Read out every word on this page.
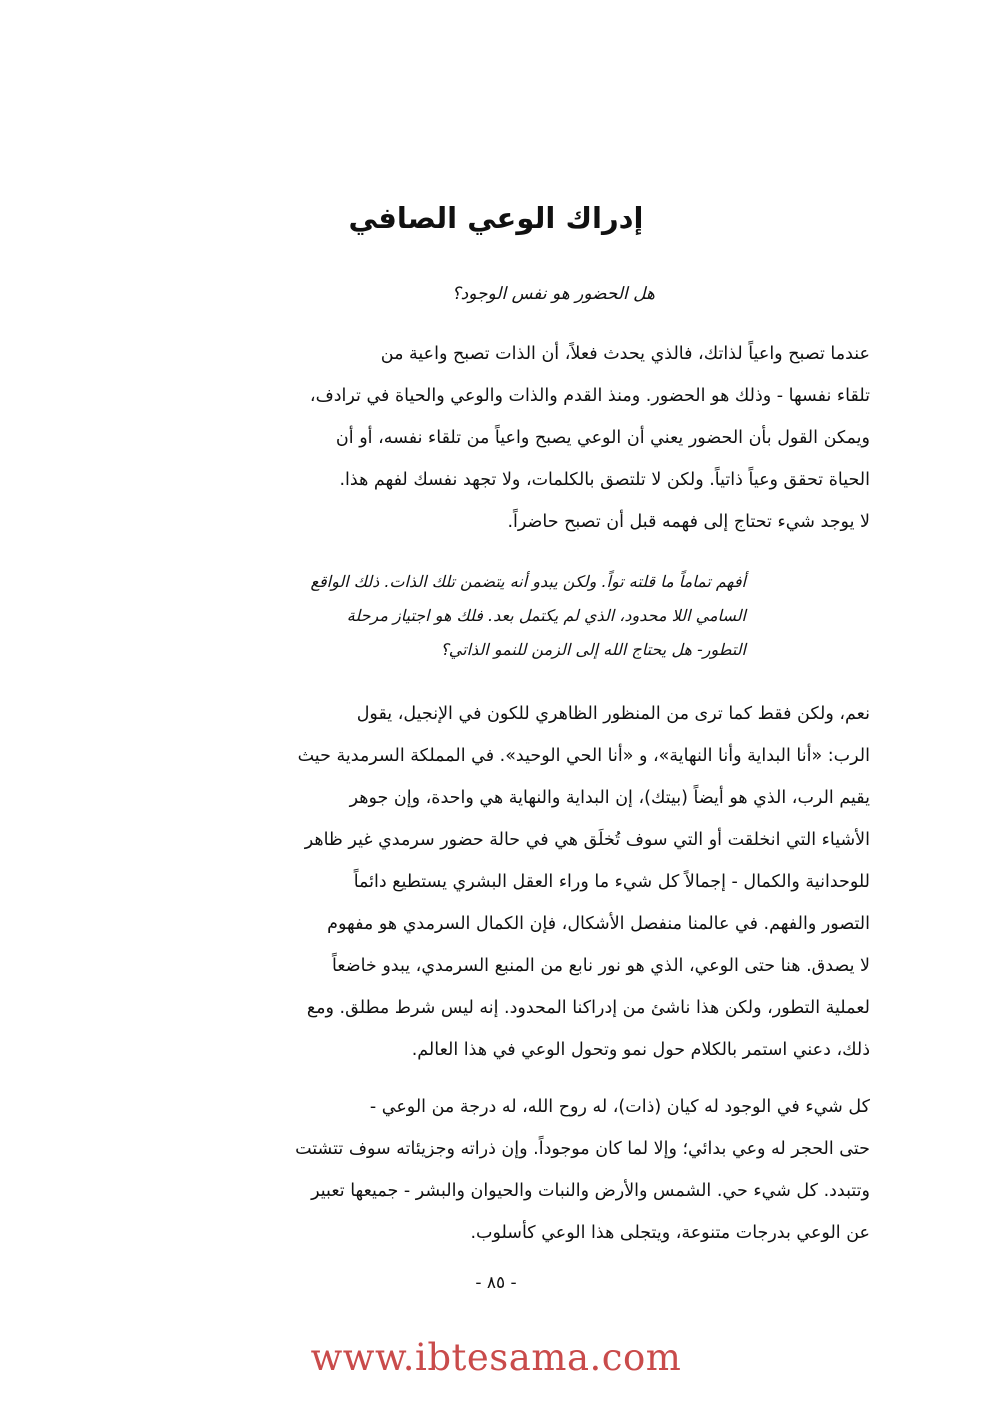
إدراك الوعي الصافي

هل الحضور هو نفس الوجود؟

عندما تصبح واعياً لذاتك، فالذي يحدث فعلاً، أن الذات تصبح واعية من
تلقاء نفسها - وذلك هو الحضور. ومنذ القدم والذات والوعي والحياة في ترادف،
ويمكن القول بأن الحضور يعني أن الوعي يصبح واعياً من تلقاء نفسه، أو أن
الحياة تحقق وعياً ذاتياً. ولكن لا تلتصق بالكلمات، ولا تجهد نفسك لفهم هذا.
لا يوجد شيء تحتاج إلى فهمه قبل أن تصبح حاضراً.

أفهم تماماً ما قلته تواً. ولكن يبدو أنه يتضمن تلك الذات. ذلك الواقع
السامي اللا محدود، الذي لم يكتمل بعد. فلك هو اجتياز مرحلة
التطور- هل يحتاج الله إلى الزمن للنمو الذاتي؟

نعم، ولكن فقط كما ترى من المنظور الظاهري للكون في الإنجيل، يقول
الرب: «أنا البداية وأنا النهاية»، و «أنا الحي الوحيد». في المملكة السرمدية حيث
يقيم الرب، الذي هو أيضاً (بيتك)، إن البداية والنهاية هي واحدة، وإن جوهر
الأشياء التي انخلقت أو التي سوف تُخلَق هي في حالة حضور سرمدي غير ظاهر
للوحدانية والكمال - إجمالاً كل شيء ما وراء العقل البشري يستطيع دائماً
التصور والفهم. في عالمنا منفصل الأشكال، فإن الكمال السرمدي هو مفهوم
لا يصدق. هنا حتى الوعي، الذي هو نور نابع من المنبع السرمدي، يبدو خاضعاً
لعملية التطور، ولكن هذا ناشئ من إدراكنا المحدود. إنه ليس شرط مطلق. ومع
ذلك، دعني استمر بالكلام حول نمو وتحول الوعي في هذا العالم.

كل شيء في الوجود له كيان (ذات)، له روح الله، له درجة من الوعي -
حتى الحجر له وعي بدائي؛ وإلا لما كان موجوداً. وإن ذراته وجزيئاته سوف تتشتت
وتتبدد. كل شيء حي. الشمس والأرض والنبات والحيوان والبشر - جميعها تعبير
عن الوعي بدرجات متنوعة، ويتجلى هذا الوعي كأسلوب.

- ٨٥ -
www.ibtesama.com
